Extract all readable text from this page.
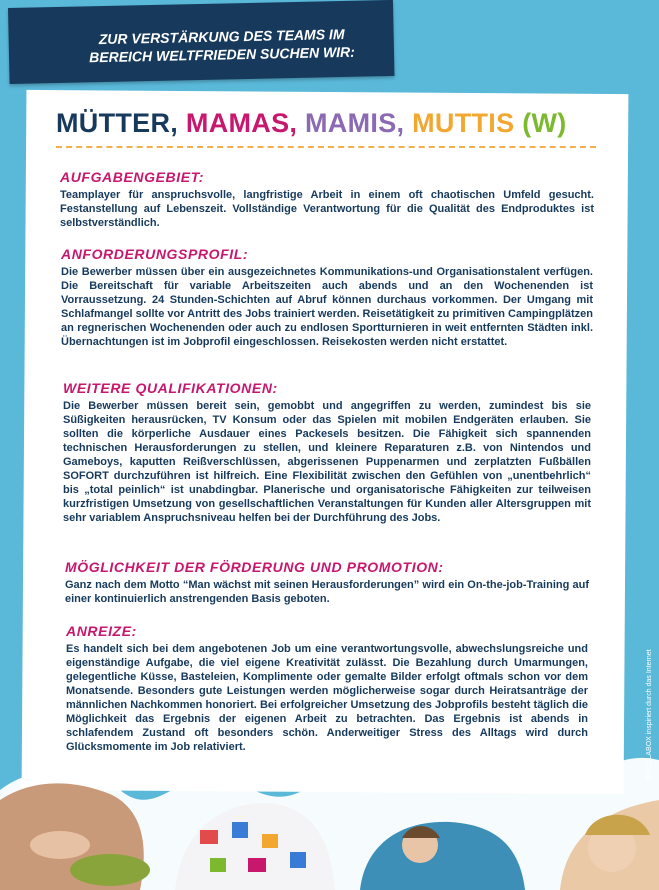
ZUR VERSTÄRKUNG DES TEAMS IM
BEREICH WELTFRIEDEN SUCHEN WIR:
MÜTTER, MAMAS, MAMIS, MUTTIS (W)
AUFGABENGEBIET:
Teamplayer für anspruchsvolle, langfristige Arbeit in einem oft chaotischen Umfeld gesucht. Festanstellung auf Lebenszeit. Vollständige Verantwortung für die Qualität des Endproduktes ist selbstverständlich.
ANFORDERUNGSPROFIL:
Die Bewerber müssen über ein ausgezeichnetes Kommunikations-und Organisationstalent verfügen. Die Bereitschaft für variable Arbeitszeiten auch abends und an den Wochenenden ist Vorraussetzung. 24 Stunden-Schichten auf Abruf können durchaus vorkommen. Der Umgang mit Schlafmangel sollte vor Antritt des Jobs trainiert werden. Reisetätigkeit zu primitiven Campingplätzen an regnerischen Wochenenden oder auch zu endlosen Sportturnieren in weit entfernten Städten inkl. Übernachtungen ist im Jobprofil eingeschlossen. Reisekosten werden nicht erstattet.
WEITERE QUALIFIKATIONEN:
Die Bewerber müssen bereit sein, gemobbt und angegriffen zu werden, zumindest bis sie Süßigkeiten herausrücken, TV Konsum oder das Spielen mit mobilen Endgeräten erlauben. Sie sollten die körperliche Ausdauer eines Packesels besitzen. Die Fähigkeit sich spannenden technischen Herausforderungen zu stellen, und kleinere Reparaturen z.B. von Nintendos und Gameboys, kaputten Reißverschlüssen, abgerissenen Puppenarmen und zerplatzten Fußbällen SOFORT durchzuführen ist hilfreich. Eine Flexibilität zwischen den Gefühlen von „unentbehrlich“ bis „total peinlich“ ist unabdingbar. Planerische und organisatorische Fähigkeiten zur teilweisen kurzfristigen Umsetzung von gesellschaftlichen Veranstaltungen für Kunden aller Altersgruppen mit sehr variablem Anspruchsniveau helfen bei der Durchführung des Jobs.
MÖGLICHKEIT DER FÖRDERUNG UND PROMOTION:
Ganz nach dem Motto “Man wächst mit seinen Herausforderungen” wird ein On-the-job-Training auf einer kontinuierlich anstrengenden Basis geboten.
ANREIZE:
Es handelt sich bei dem angebotenen Job um eine verantwortungsvolle, abwechslungsreiche und eigenständige Aufgabe, die viel eigene Kreativität zulässt. Die Bezahlung durch Umarmungen, gelegentliche Küsse, Basteleien, Komplimente oder gemalte Bilder erfolgt oftmals schon vor dem Monatsende. Besonders gute Leistungen werden möglicherweise sogar durch Heiratsanträge der männlichen Nachkommen honoriert. Bei erfolgreicher Umsetzung des Jobprofils besteht täglich die Möglichkeit das Ergebnis der eigenen Arbeit zu betrachten. Das Ergebnis ist abends in schlafendem Zustand oft besonders schön. Anderweitiger Stress des Alltags wird durch Glücksmomente im Job relativiert.	© TOLLABOX inspiriert durch das Internet
